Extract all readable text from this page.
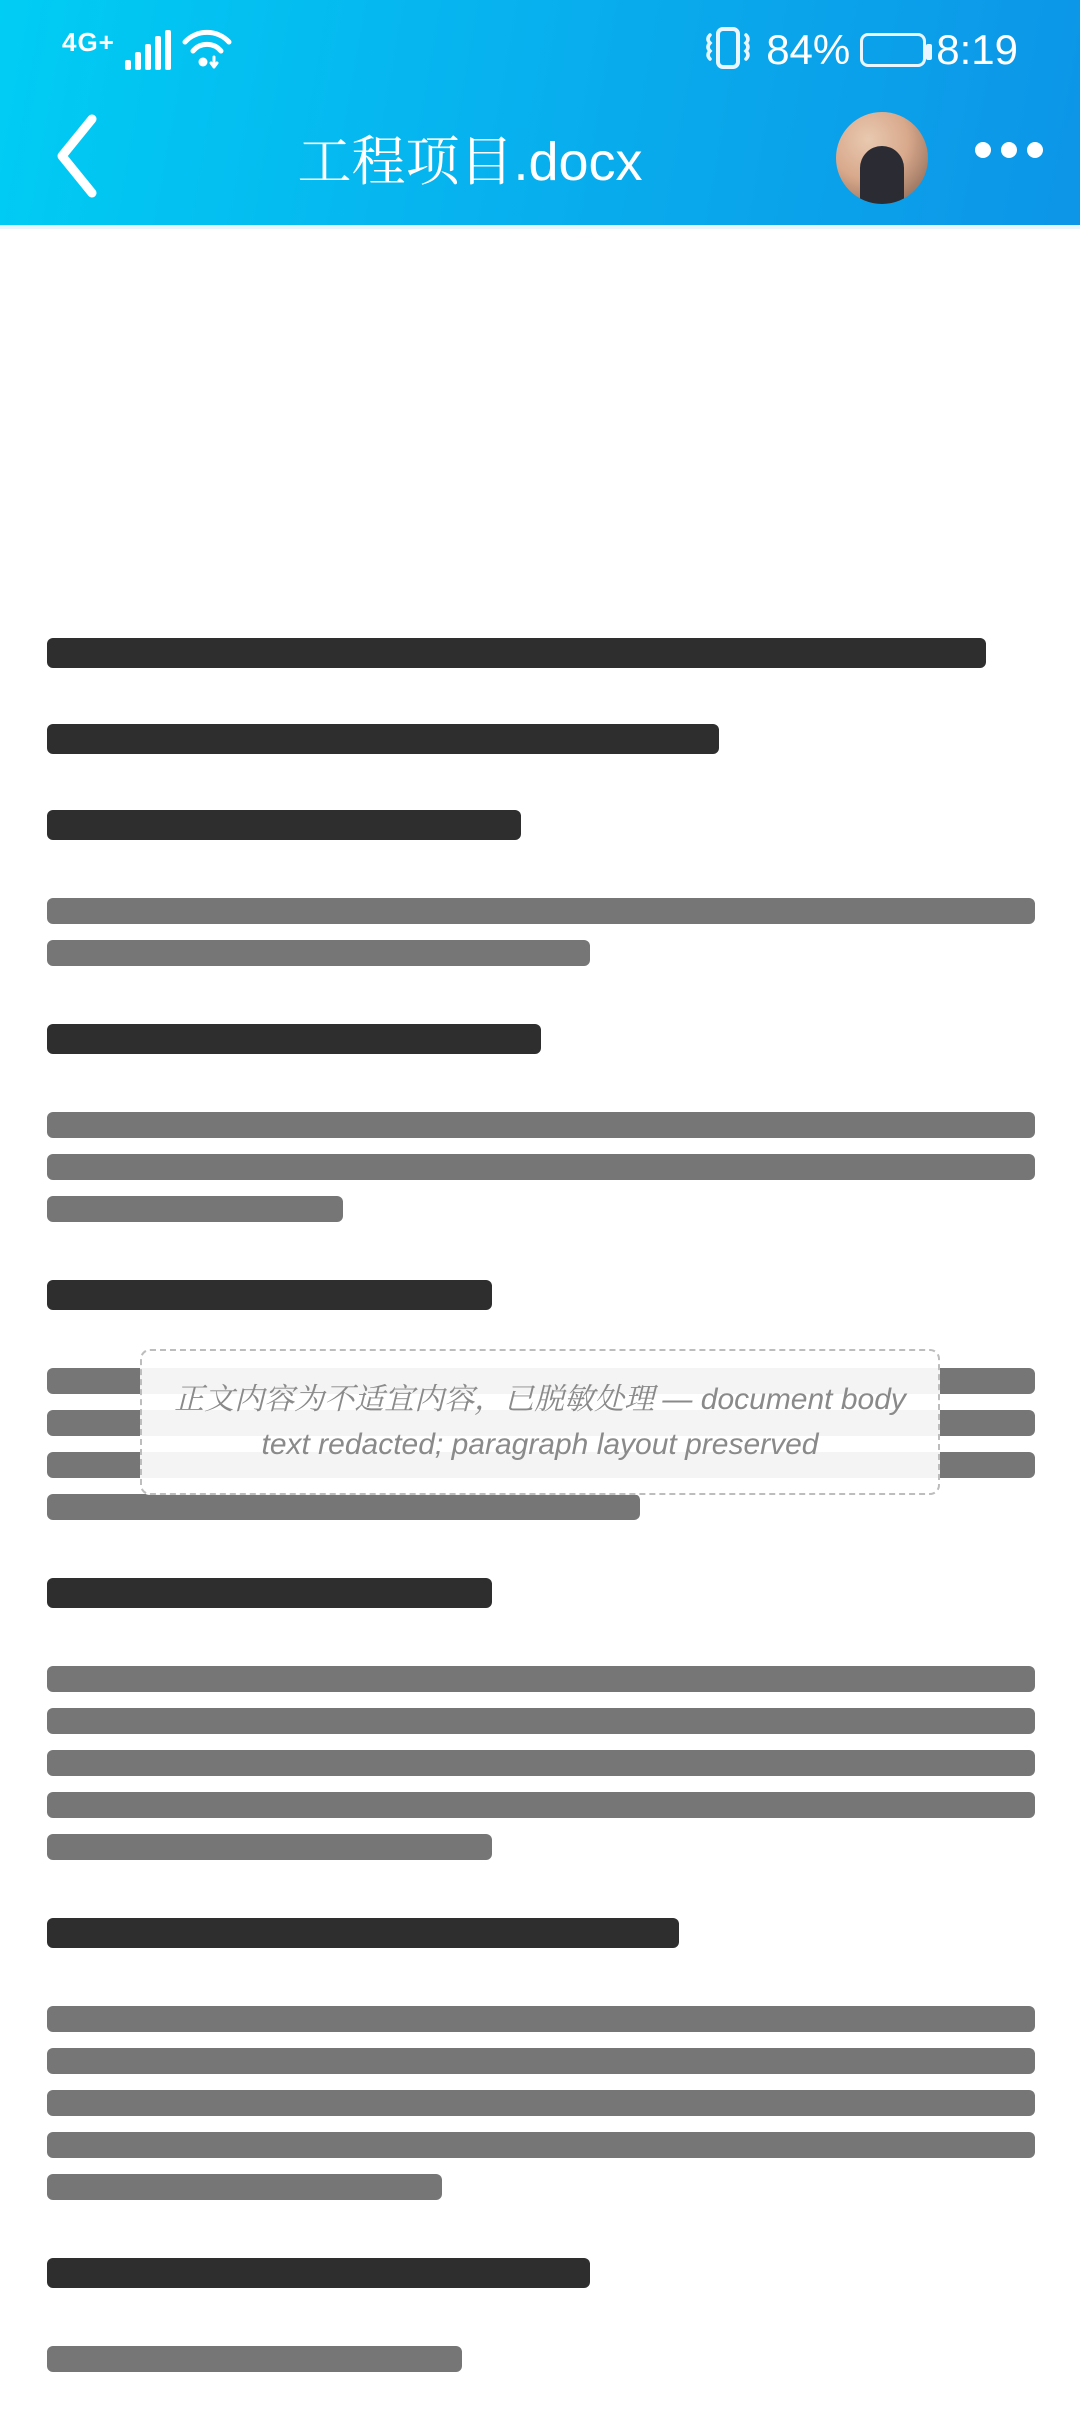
4G+	84% 8:19
工程项目.docx
正文内容为不适宜内容，已脱敏处理 — document body text redacted; paragraph layout preserved
